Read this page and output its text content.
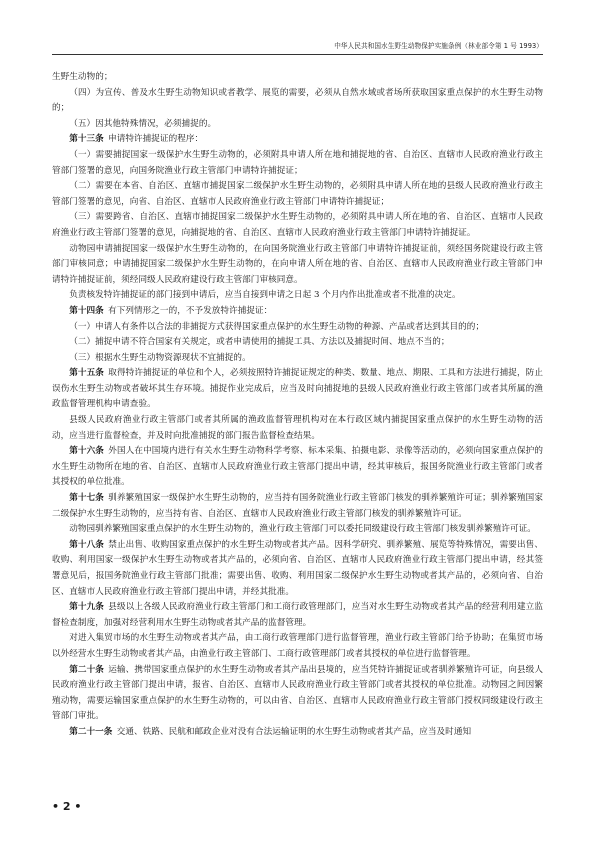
中华人民共和国水生野生动物保护实施条例（林业部令第 1 号 1993）

生野生动物的；

（四）为宣传、普及水生野生动物知识或者教学、展览的需要，必须从自然水域或者场所获取国家重点保护的水生野生动物的；

（五）因其他特殊情况，必须捕捉的。

第十三条 申请特许捕捉证的程序：

（一）需要捕捉国家一级保护水生野生动物的，必须附具申请人所在地和捕捉地的省、自治区、直辖市人民政府渔业行政主管部门签署的意见，向国务院渔业行政主管部门申请特许捕捉证；

（二）需要在本省、自治区、直辖市捕捉国家二级保护水生野生动物的，必须附具申请人所在地的县级人民政府渔业行政主管部门签署的意见，向省、自治区、直辖市人民政府渔业行政主管部门申请特许捕捉证；

（三）需要跨省、自治区、直辖市捕捉国家二级保护水生野生动物的，必须附具申请人所在地的省、自治区、直辖市人民政府渔业行政主管部门签署的意见，向捕捉地的省、自治区、直辖市人民政府渔业行政主管部门申请特许捕捉证。

动物园申请捕捉国家一级保护水生野生动物的，在向国务院渔业行政主管部门申请特许捕捉证前，须经国务院建设行政主管部门审核同意；申请捕捉国家二级保护水生野生动物的，在向申请人所在地的省、自治区、直辖市人民政府渔业行政主管部门申请特许捕捉证前，须经同级人民政府建设行政主管部门审核同意。

负责核发特许捕捉证的部门接到申请后，应当自接到申请之日起 3 个月内作出批准或者不批准的决定。

第十四条 有下列情形之一的，不予发放特许捕捉证：

（一）申请人有条件以合法的非捕捉方式获得国家重点保护的水生野生动物的种源、产品或者达到其目的的；

（二）捕捉申请不符合国家有关规定，或者申请使用的捕捉工具、方法以及捕捉时间、地点不当的；

（三）根据水生野生动物资源现状不宜捕捉的。

第十五条 取得特许捕捉证的单位和个人，必须按照特许捕捉证规定的种类、数量、地点、期限、工具和方法进行捕捉，防止误伤水生野生动物或者破坏其生存环境。捕捉作业完成后，应当及时向捕捉地的县级人民政府渔业行政主管部门或者其所属的渔政监督管理机构申请查验。

县级人民政府渔业行政主管部门或者其所属的渔政监督管理机构对在本行政区域内捕捉国家重点保护的水生野生动物的活动，应当进行监督检查，并及时向批准捕捉的部门报告监督检查结果。

第十六条 外国人在中国境内进行有关水生野生动物科学考察、标本采集、拍摄电影、录像等活动的，必须向国家重点保护的水生野生动物所在地的省、自治区、直辖市人民政府渔业行政主管部门提出申请，经其审核后，报国务院渔业行政主管部门或者其授权的单位批准。

第十七条 驯养繁殖国家一级保护水生野生动物的，应当持有国务院渔业行政主管部门核发的驯养繁殖许可证；驯养繁殖国家二级保护水生野生动物的，应当持有省、自治区、直辖市人民政府渔业行政主管部门核发的驯养繁殖许可证。

动物园驯养繁殖国家重点保护的水生野生动物的，渔业行政主管部门可以委托同级建设行政主管部门核发驯养繁殖许可证。

第十八条 禁止出售、收购国家重点保护的水生野生动物或者其产品。因科学研究、驯养繁殖、展览等特殊情况，需要出售、收购、利用国家一级保护水生野生动物或者其产品的，必须向省、自治区、直辖市人民政府渔业行政主管部门提出申请，经其签署意见后，报国务院渔业行政主管部门批准；需要出售、收购、利用国家二级保护水生野生动物或者其产品的，必须向省、自治区、直辖市人民政府渔业行政主管部门提出申请，并经其批准。

第十九条 县级以上各级人民政府渔业行政主管部门和工商行政管理部门，应当对水生野生动物或者其产品的经营利用建立监督检查制度，加强对经营利用水生野生动物或者其产品的监督管理。

对进入集贸市场的水生野生动物或者其产品，由工商行政管理部门进行监督管理，渔业行政主管部门给予协助；在集贸市场以外经营水生野生动物或者其产品，由渔业行政主管部门、工商行政管理部门或者其授权的单位进行监督管理。

第二十条 运输、携带国家重点保护的水生野生动物或者其产品出县境的，应当凭特许捕捉证或者驯养繁殖许可证，向县级人民政府渔业行政主管部门提出申请，报省、自治区、直辖市人民政府渔业行政主管部门或者其授权的单位批准。动物园之间因繁殖动物，需要运输国家重点保护的水生野生动物的，可以由省、自治区、直辖市人民政府渔业行政主管部门授权同级建设行政主管部门审批。

第二十一条 交通、铁路、民航和邮政企业对没有合法运输证明的水生野生动物或者其产品，应当及时通知

• 2 •
